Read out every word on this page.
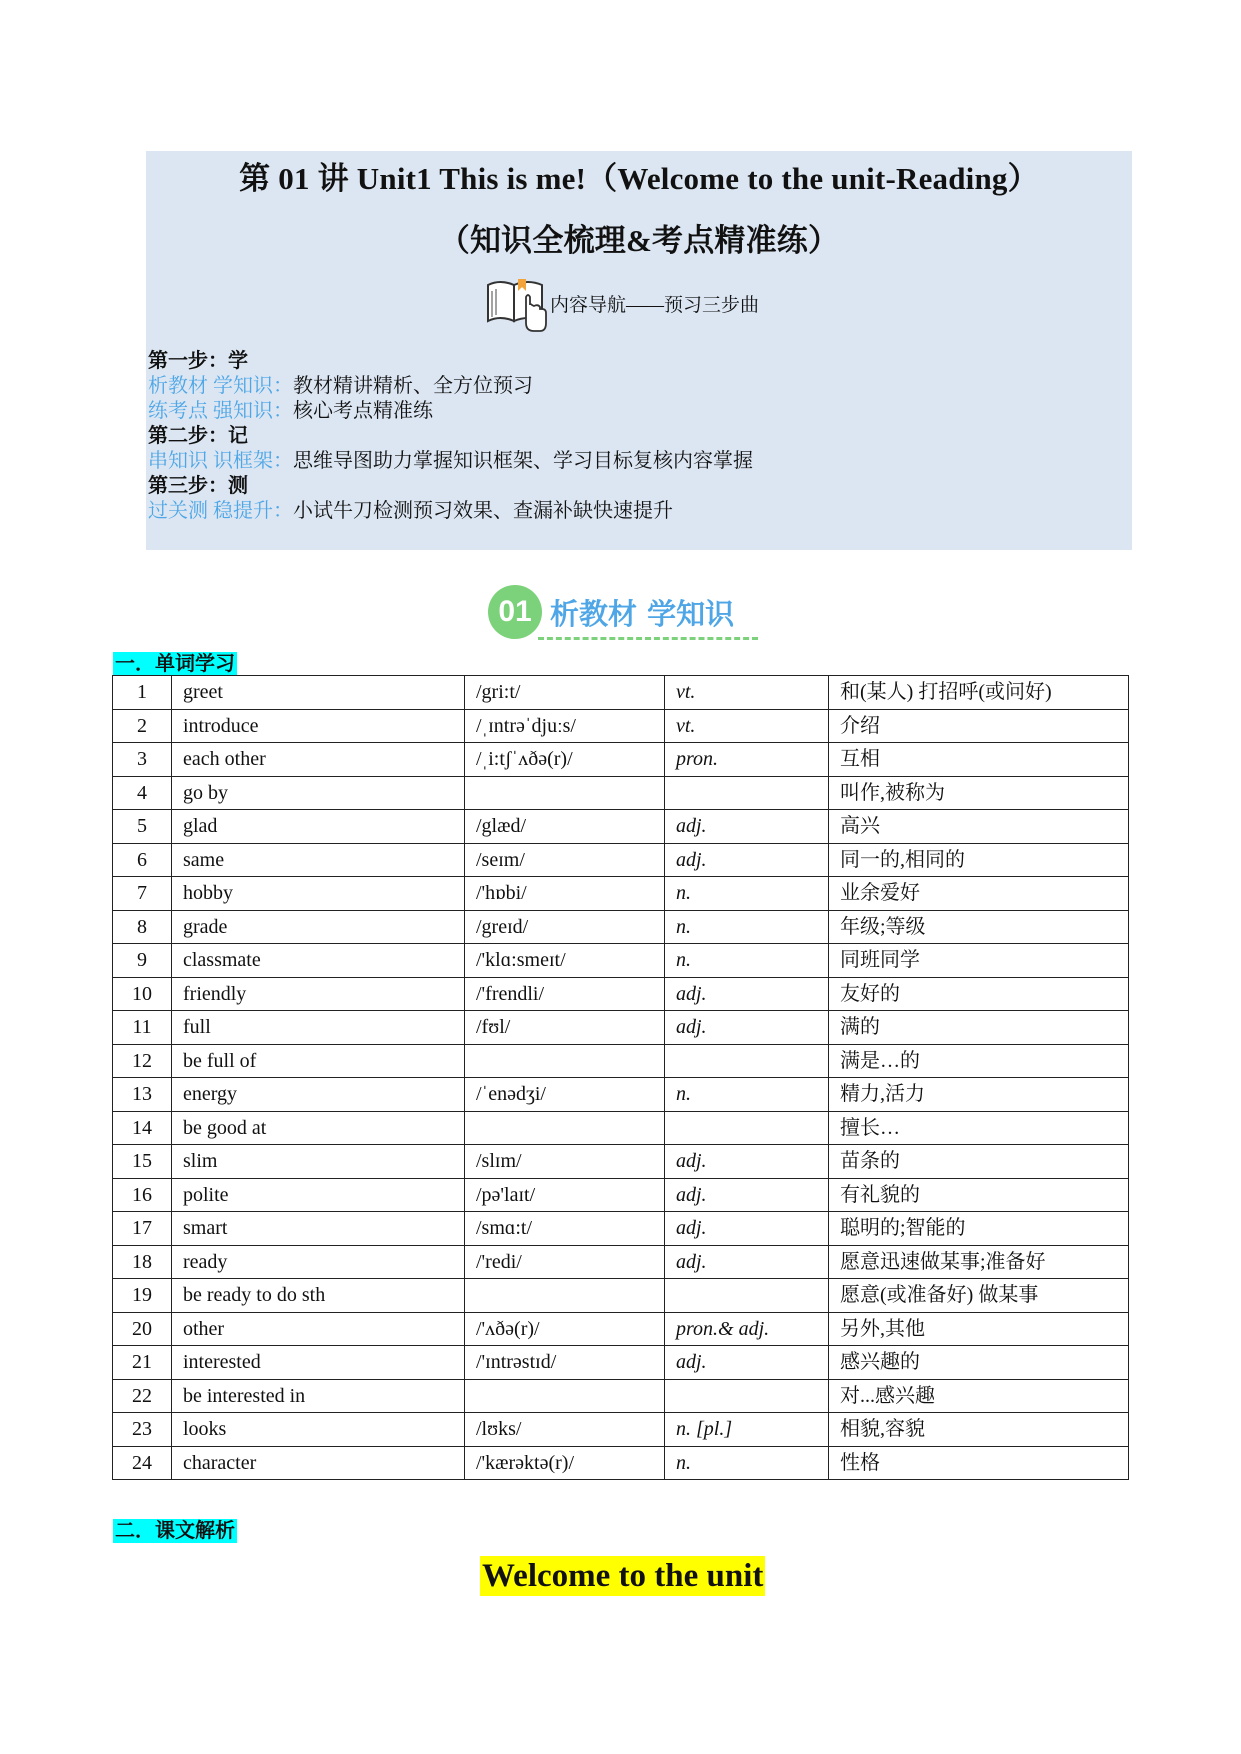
第 01 讲 Unit1 This is me!（Welcome to the unit-Reading）
（知识全梳理&考点精准练）
内容导航——预习三步曲
第一步：学
析教材 学知识：教材精讲精析、全方位预习
练考点 强知识：核心考点精准练
第二步：记
串知识 识框架：思维导图助力掌握知识框架、学习目标复核内容掌握
第三步：测
过关测 稳提升：小试牛刀检测预习效果、查漏补缺快速提升
01 析教材 学知识
一．单词学习
1	greet	/gri:t/	vt.	和(某人) 打招呼(或问好)
2	introduce	/ˌɪntrəˈdjuːs/	vt.	介绍
3	each other	/ˌi:tʃˈʌðə(r)/	pron.	互相
4	go by			叫作,被称为
5	glad	/glæd/	adj.	高兴
6	same	/seɪm/	adj.	同一的,相同的
7	hobby	/'hɒbi/	n.	业余爱好
8	grade	/greɪd/	n.	年级;等级
9	classmate	/'klɑ:smeɪt/	n.	同班同学
10	friendly	/'frendli/	adj.	友好的
11	full	/fʊl/	adj.	满的
12	be full of			满是…的
13	energy	/ˈenədʒi/	n.	精力,活力
14	be good at			擅长…
15	slim	/slɪm/	adj.	苗条的
16	polite	/pə'laɪt/	adj.	有礼貌的
17	smart	/smɑ:t/	adj.	聪明的;智能的
18	ready	/'redi/	adj.	愿意迅速做某事;准备好
19	be ready to do sth			愿意(或准备好) 做某事
20	other	/'ʌðə(r)/	pron.& adj.	另外,其他
21	interested	/'ɪntrəstɪd/	adj.	感兴趣的
22	be interested in			对...感兴趣
23	looks	/lʊks/	n. [pl.]	相貌,容貌
24	character	/'kærəktə(r)/	n.	性格
二．课文解析
Welcome to the unit
